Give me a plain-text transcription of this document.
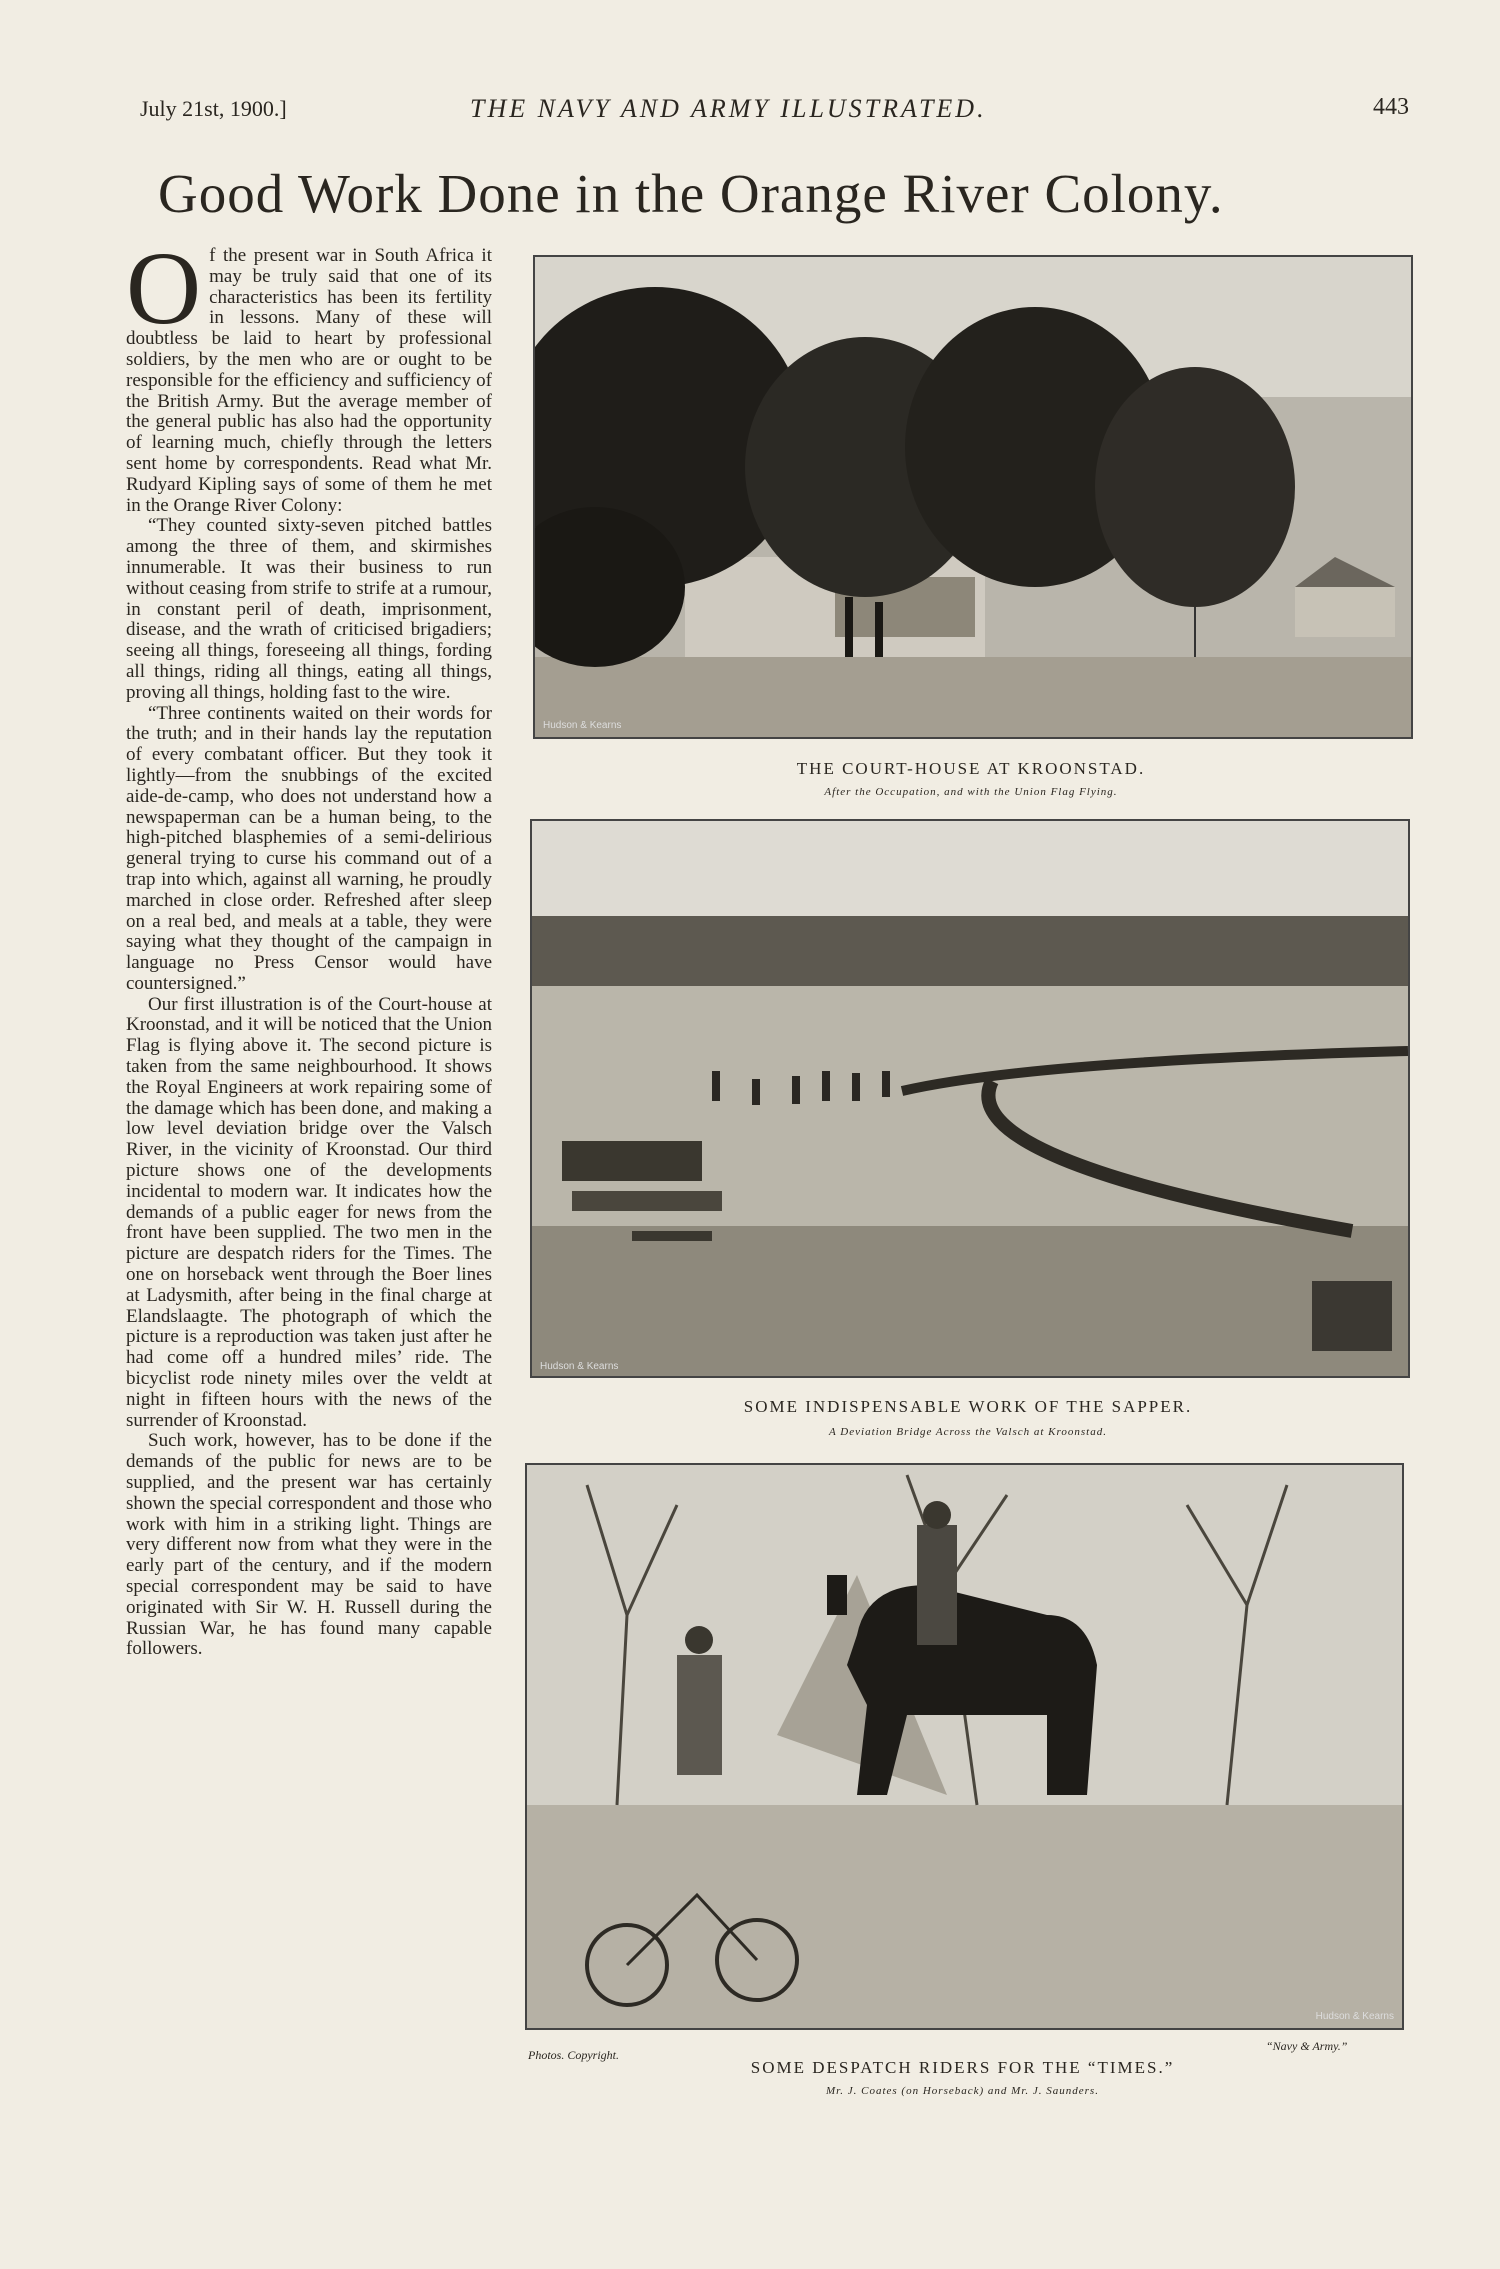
July 21st, 1900.]	THE NAVY AND ARMY ILLUSTRATED.	443
Good Work Done in the Orange River Colony.

Of the present war in South Africa it may be truly said that one of its characteristics has been its fertility in lessons. Many of these will doubtless be laid to heart by professional soldiers, by the men who are or ought to be responsible for the efficiency and sufficiency of the British Army. But the average member of the general public has also had the opportunity of learning much, chiefly through the letters sent home by correspondents. Read what Mr. Rudyard Kipling says of some of them he met in the Orange River Colony:

“They counted sixty-seven pitched battles among the three of them, and skirmishes innumerable. It was their business to run without ceasing from strife to strife at a rumour, in constant peril of death, imprisonment, disease, and the wrath of criticised brigadiers; seeing all things, foreseeing all things, fording all things, riding all things, eating all things, proving all things, holding fast to the wire.

“Three continents waited on their words for the truth; and in their hands lay the reputation of every combatant officer. But they took it lightly—from the snubbings of the excited aide-de-camp, who does not understand how a newspaperman can be a human being, to the high-pitched blasphemies of a semi-delirious general trying to curse his command out of a trap into which, against all warning, he proudly marched in close order. Refreshed after sleep on a real bed, and meals at a table, they were saying what they thought of the campaign in language no Press Censor would have countersigned.”

Our first illustration is of the Court-house at Kroonstad, and it will be noticed that the Union Flag is flying above it. The second picture is taken from the same neighbourhood. It shows the Royal Engineers at work repairing some of the damage which has been done, and making a low level deviation bridge over the Valsch River, in the vicinity of Kroonstad. Our third picture shows one of the developments incidental to modern war. It indicates how the demands of a public eager for news from the front have been supplied. The two men in the picture are despatch riders for the Times. The one on horseback went through the Boer lines at Ladysmith, after being in the final charge at Elandslaagte. The photograph of which the picture is a reproduction was taken just after he had come off a hundred miles’ ride. The bicyclist rode ninety miles over the veldt at night in fifteen hours with the news of the surrender of Kroonstad.

Such work, however, has to be done if the demands of the public for news are to be supplied, and the present war has certainly shown the special correspondent and those who work with him in a striking light. Things are very different now from what they were in the early part of the century, and if the modern special correspondent may be said to have originated with Sir W. H. Russell during the Russian War, he has found many capable followers.

Hudson & Kearns
THE COURT-HOUSE AT KROONSTAD.
After the Occupation, and with the Union Flag Flying.
Hudson & Kearns
SOME INDISPENSABLE WORK OF THE SAPPER.
A Deviation Bridge Across the Valsch at Kroonstad.
Hudson & Kearns
Photos. Copyright.
“Navy & Army.”
SOME DESPATCH RIDERS FOR THE “TIMES.”
Mr. J. Coates (on Horseback) and Mr. J. Saunders.
